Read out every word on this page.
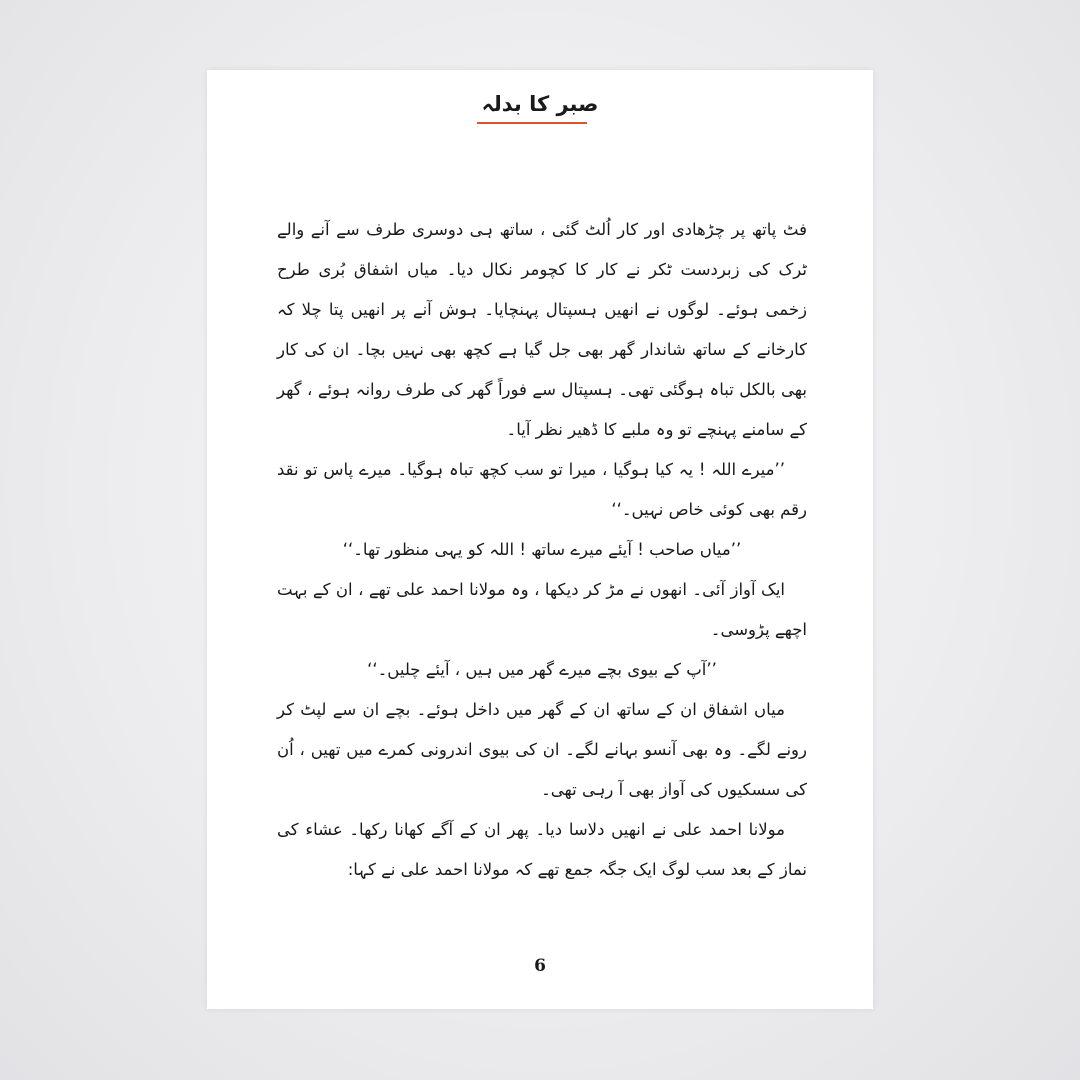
صبر کا بدلہ

فٹ پاتھ پر چڑھادی اور کار اُلٹ گئی ، ساتھ ہی دوسری طرف سے آنے والے ٹرک کی زبردست ٹکر نے کار کا کچومر نکال دیا۔ میاں اشفاق بُری طرح زخمی ہوئے۔ لوگوں نے انھیں ہسپتال پہنچایا۔ ہوش آنے پر انھیں پتا چلا کہ کارخانے کے ساتھ شاندار گھر بھی جل گیا ہے کچھ بھی نہیں بچا۔ ان کی کار بھی بالکل تباہ ہوگئی تھی۔ ہسپتال سے فوراً گھر کی طرف روانہ ہوئے ، گھر کے سامنے پہنچے تو وہ ملبے کا ڈھیر نظر آیا۔

’’میرے اللہ ! یہ کیا ہوگیا ، میرا تو سب کچھ تباہ ہوگیا۔ میرے پاس تو نقد رقم بھی کوئی خاص نہیں۔‘‘

’’میاں صاحب ! آیئے میرے ساتھ ! اللہ کو یہی منظور تھا۔‘‘

ایک آواز آئی۔ انھوں نے مڑ کر دیکھا ، وہ مولانا احمد علی تھے ، ان کے بہت اچھے پڑوسی۔

’’آپ کے بیوی بچے میرے گھر میں ہیں ، آیئے چلیں۔‘‘

میاں اشفاق ان کے ساتھ ان کے گھر میں داخل ہوئے۔ بچے ان سے لپٹ کر رونے لگے۔ وہ بھی آنسو بہانے لگے۔ ان کی بیوی اندرونی کمرے میں تھیں ، اُن کی سسکیوں کی آواز بھی آ رہی تھی۔

مولانا احمد علی نے انھیں دلاسا دیا۔ پھر ان کے آگے کھانا رکھا۔ عشاء کی نماز کے بعد سب لوگ ایک جگہ جمع تھے کہ مولانا احمد علی نے کہا:

6
